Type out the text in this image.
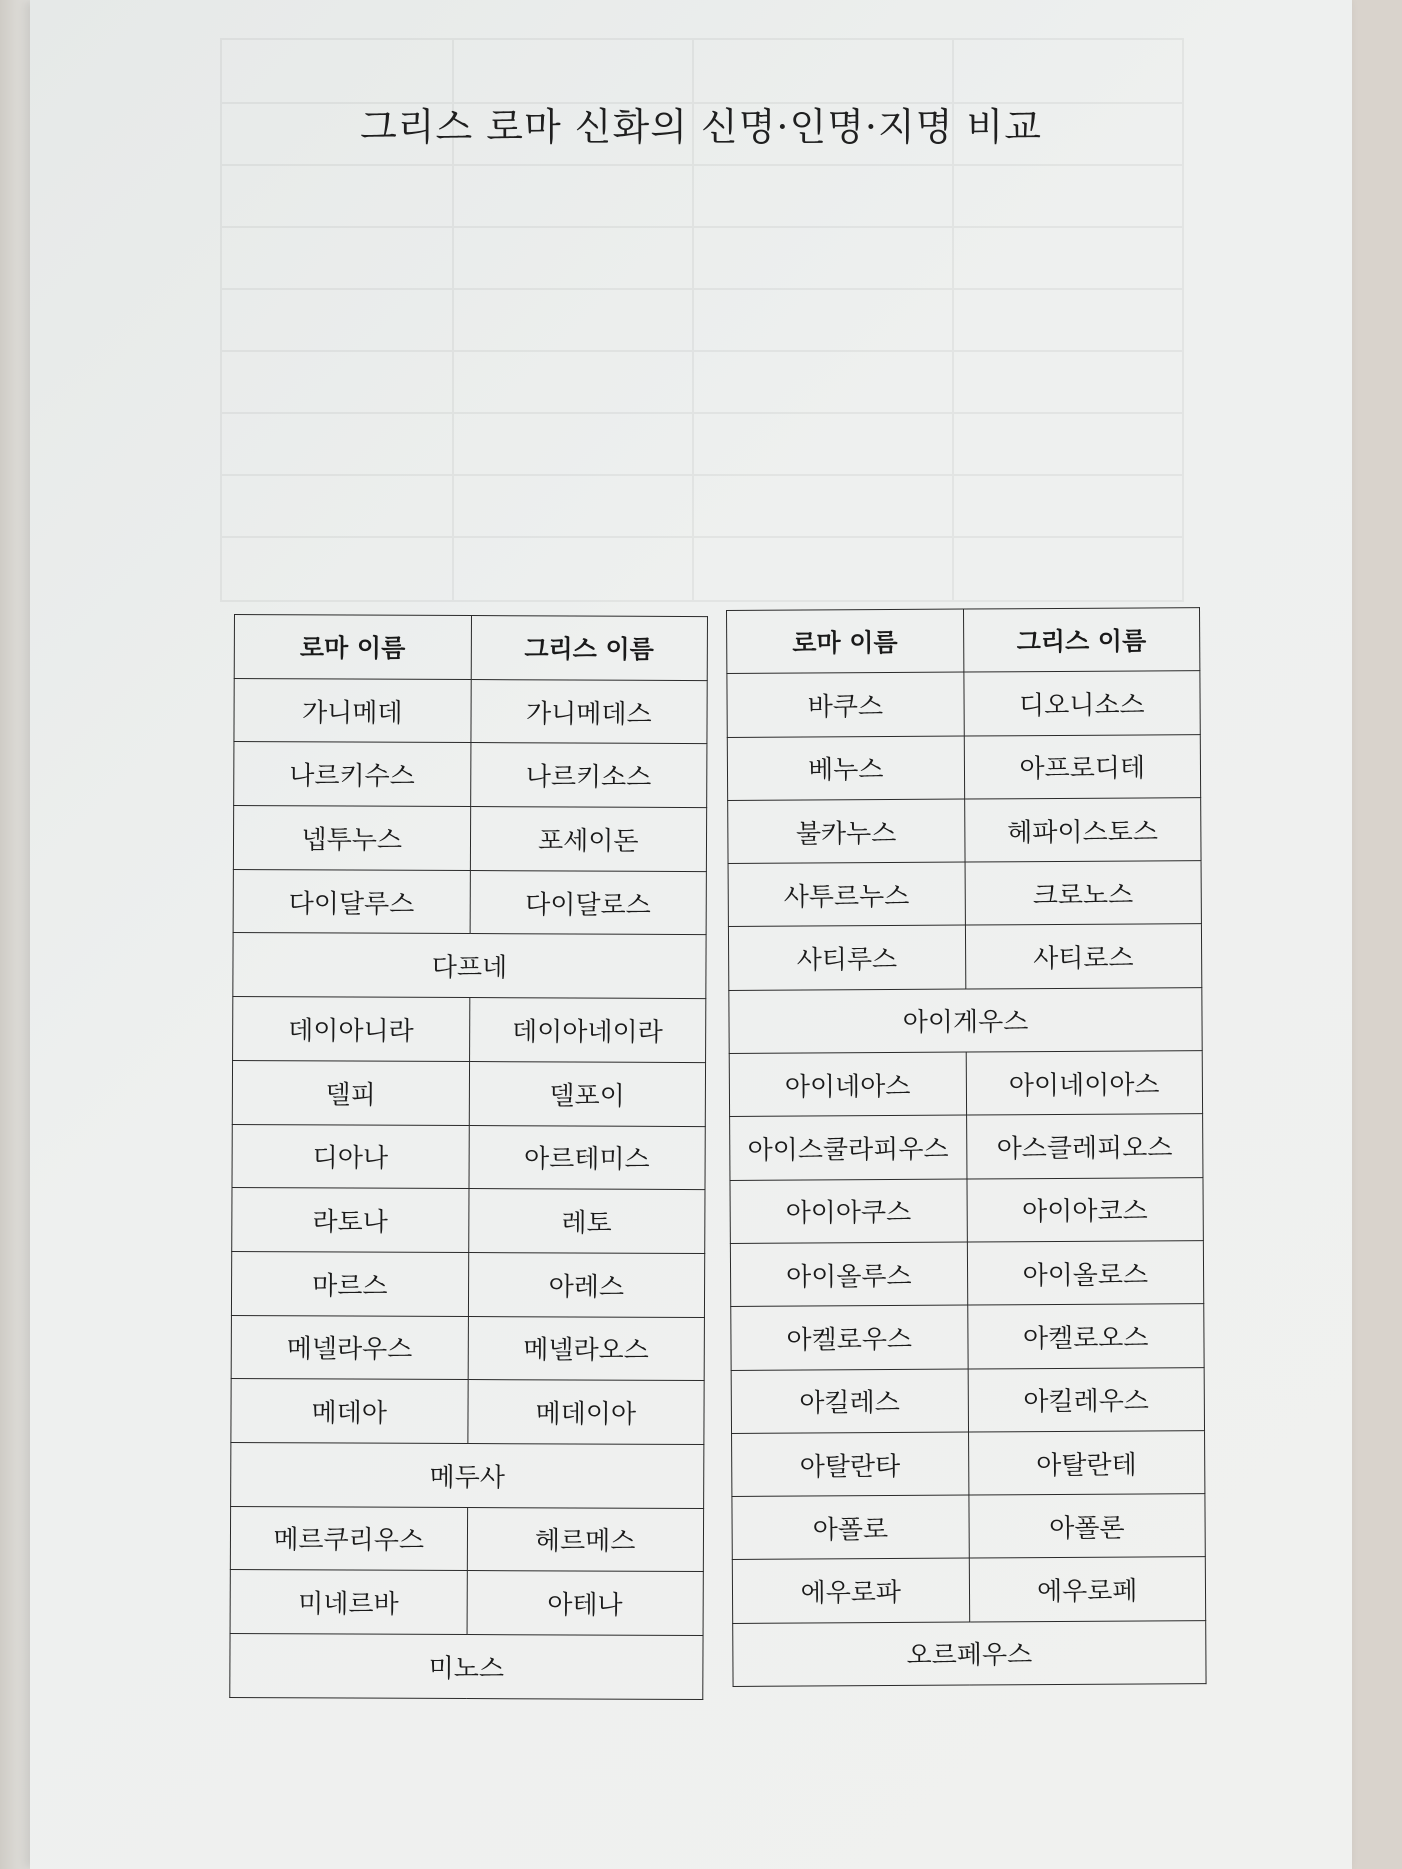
그리스 로마 신화의 신명·인명·지명 비교
로마 이름	그리스 이름
가니메데	가니메데스
나르키수스	나르키소스
넵투누스	포세이돈
다이달루스	다이달로스
다프네	
데이아니라	데이아네이라
델피	델포이
디아나	아르테미스
라토나	레토
마르스	아레스
메넬라우스	메넬라오스
메데아	메데이아
메두사	
메르쿠리우스	헤르메스
미네르바	아테나
미노스	
로마 이름	그리스 이름
바쿠스	디오니소스
베누스	아프로디테
불카누스	헤파이스토스
사투르누스	크로노스
사티루스	사티로스
아이게우스	
아이네아스	아이네이아스
아이스쿨라피우스	아스클레피오스
아이아쿠스	아이아코스
아이올루스	아이올로스
아켈로우스	아켈로오스
아킬레스	아킬레우스
아탈란타	아탈란테
아폴로	아폴론
에우로파	에우로페
오르페우스	
